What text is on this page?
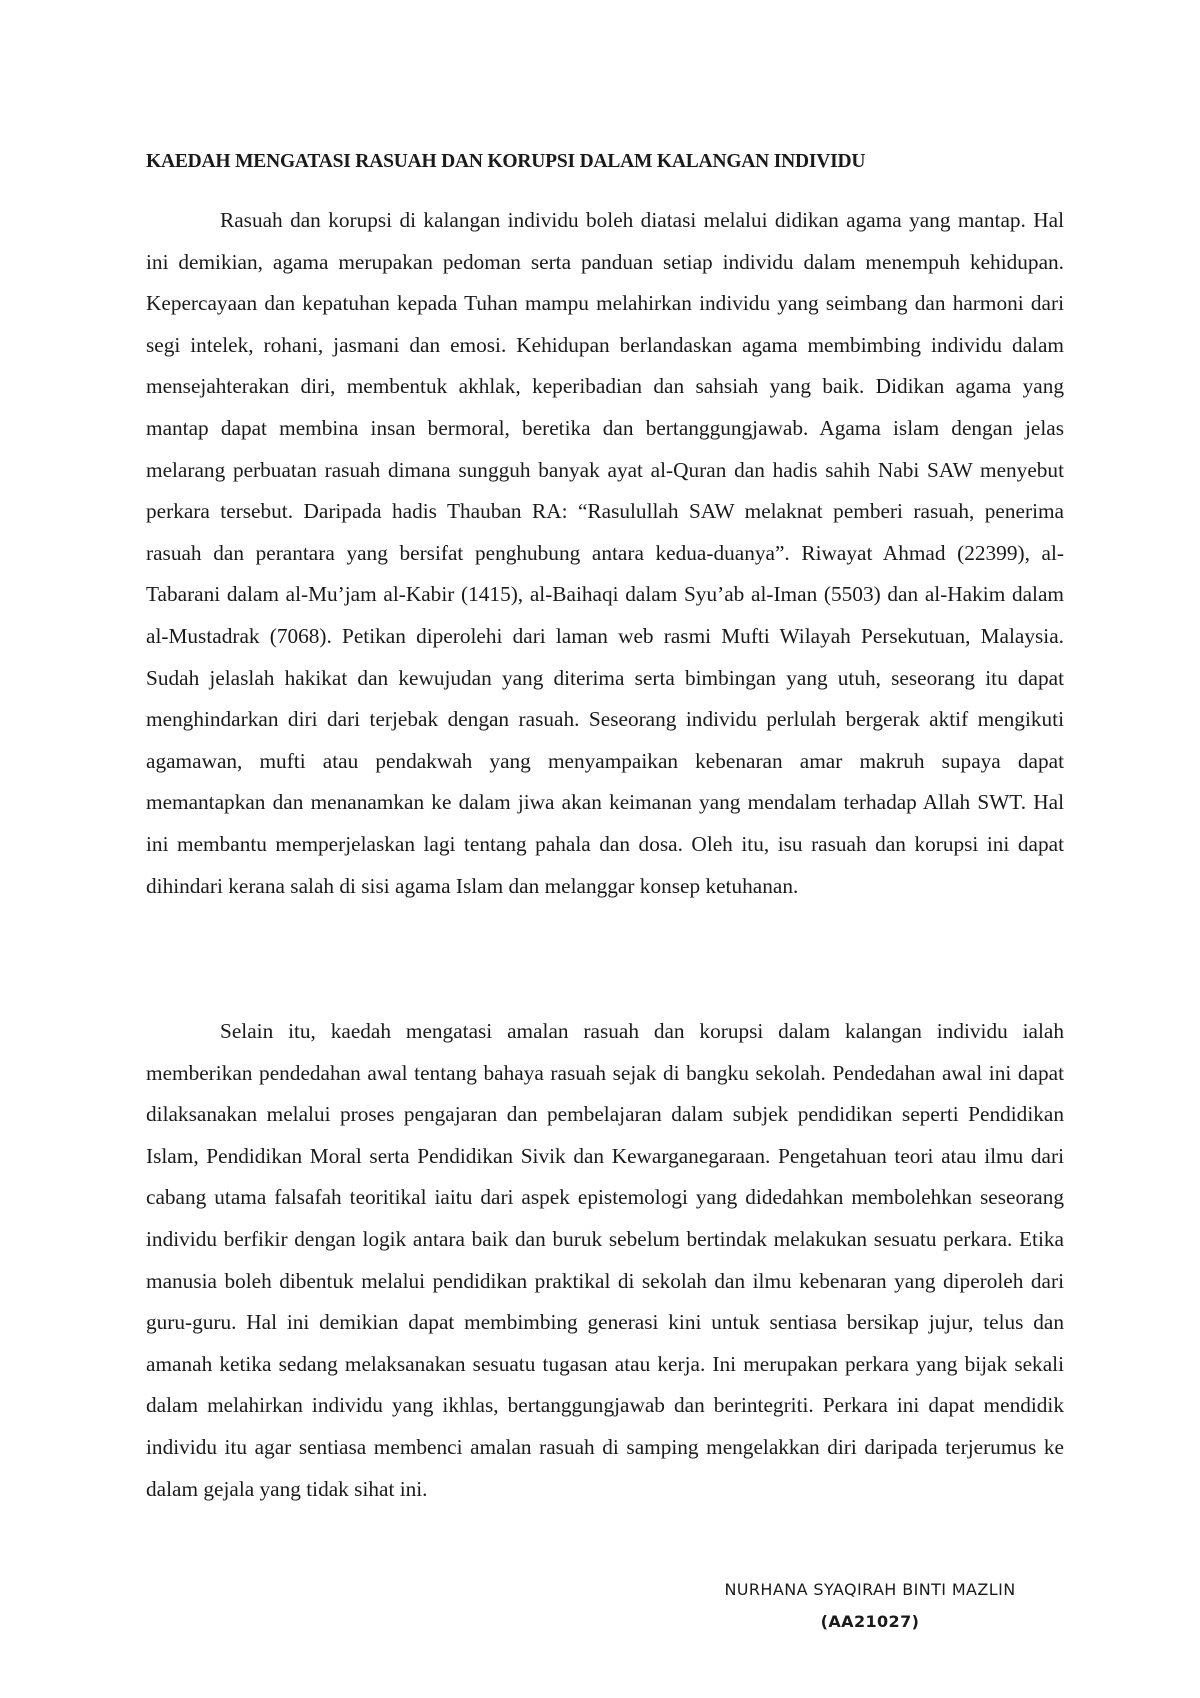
KAEDAH MENGATASI RASUAH DAN KORUPSI DALAM KALANGAN INDIVIDU

Rasuah dan korupsi di kalangan individu boleh diatasi melalui didikan agama yang mantap. Hal ini demikian, agama merupakan pedoman serta panduan setiap individu dalam menempuh kehidupan. Kepercayaan dan kepatuhan kepada Tuhan mampu melahirkan individu yang seimbang dan harmoni dari segi intelek, rohani, jasmani dan emosi. Kehidupan berlandaskan agama membimbing individu dalam mensejahterakan diri, membentuk akhlak, keperibadian dan sahsiah yang baik. Didikan agama yang mantap dapat membina insan bermoral, beretika dan bertanggungjawab. Agama islam dengan jelas melarang perbuatan rasuah dimana sungguh banyak ayat al-Quran dan hadis sahih Nabi SAW menyebut perkara tersebut. Daripada hadis Thauban RA: “Rasulullah SAW melaknat pemberi rasuah, penerima rasuah dan perantara yang bersifat penghubung antara kedua-duanya”. Riwayat Ahmad (22399), al-Tabarani dalam al-Mu’jam al-Kabir (1415), al-Baihaqi dalam Syu’ab al-Iman (5503) dan al-Hakim dalam al-Mustadrak (7068). Petikan diperolehi dari laman web rasmi Mufti Wilayah Persekutuan, Malaysia. Sudah jelaslah hakikat dan kewujudan yang diterima serta bimbingan yang utuh, seseorang itu dapat menghindarkan diri dari terjebak dengan rasuah. Seseorang individu perlulah bergerak aktif mengikuti agamawan, mufti atau pendakwah yang menyampaikan kebenaran amar makruh supaya dapat memantapkan dan menanamkan ke dalam jiwa akan keimanan yang mendalam terhadap Allah SWT. Hal ini membantu memperjelaskan lagi tentang pahala dan dosa. Oleh itu, isu rasuah dan korupsi ini dapat dihindari kerana salah di sisi agama Islam dan melanggar konsep ketuhanan.

Selain itu, kaedah mengatasi amalan rasuah dan korupsi dalam kalangan individu ialah memberikan pendedahan awal tentang bahaya rasuah sejak di bangku sekolah. Pendedahan awal ini dapat dilaksanakan melalui proses pengajaran dan pembelajaran dalam subjek pendidikan seperti Pendidikan Islam, Pendidikan Moral serta Pendidikan Sivik dan Kewarganegaraan. Pengetahuan teori atau ilmu dari cabang utama falsafah teoritikal iaitu dari aspek epistemologi yang didedahkan membolehkan seseorang individu berfikir dengan logik antara baik dan buruk sebelum bertindak melakukan sesuatu perkara. Etika manusia boleh dibentuk melalui pendidikan praktikal di sekolah dan ilmu kebenaran yang diperoleh dari guru-guru. Hal ini demikian dapat membimbing generasi kini untuk sentiasa bersikap jujur, telus dan amanah ketika sedang melaksanakan sesuatu tugasan atau kerja. Ini merupakan perkara yang bijak sekali dalam melahirkan individu yang ikhlas, bertanggungjawab dan berintegriti. Perkara ini dapat mendidik individu itu agar sentiasa membenci amalan rasuah di samping mengelakkan diri daripada terjerumus ke dalam gejala yang tidak sihat ini.

NURHANA SYAQIRAH BINTI MAZLIN
(AA21027)
